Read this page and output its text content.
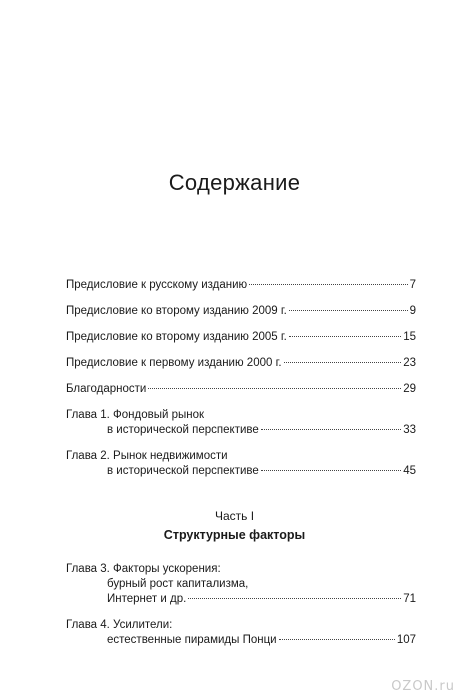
Содержание
Предисловие к русскому изданию	7
Предисловие ко второму изданию 2009 г.	9
Предисловие ко второму изданию 2005 г.	15
Предисловие к первому изданию 2000 г.	23
Благодарности	29
Глава 1. Фондовый рынок
в исторической перспективе	33
Глава 2. Рынок недвижимости
в исторической перспективе	45
Часть I
Структурные факторы
Глава 3. Факторы ускорения:
бурный рост капитализма,
Интернет и др.	71
Глава 4. Усилители:
естественные пирамиды Понци	107
OZON.ru
